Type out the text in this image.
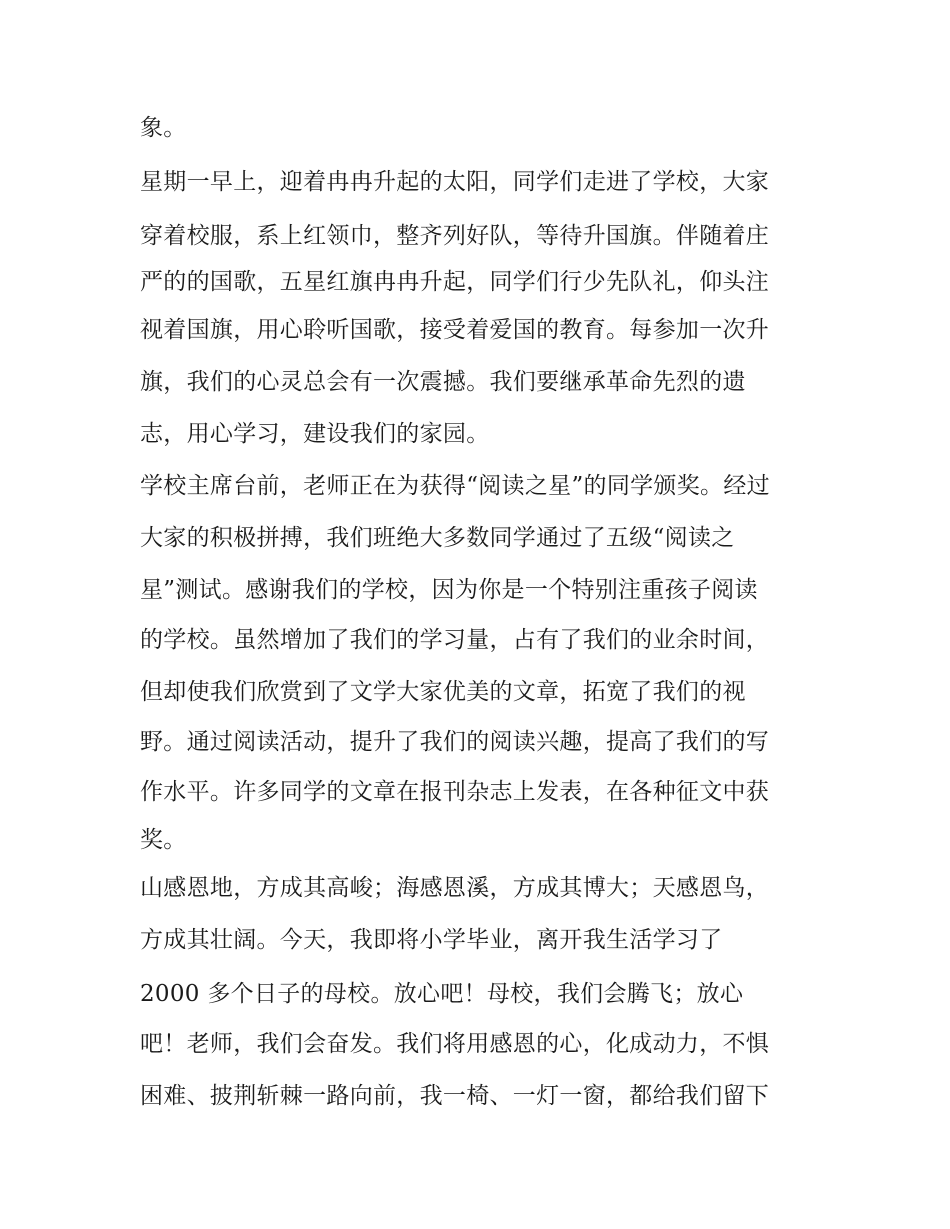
象。
星期一早上，迎着冉冉升起的太阳，同学们走进了学校，大家
穿着校服，系上红领巾，整齐列好队，等待升国旗。伴随着庄
严的的国歌，五星红旗冉冉升起，同学们行少先队礼，仰头注
视着国旗，用心聆听国歌，接受着爱国的教育。每参加一次升
旗，我们的心灵总会有一次震撼。我们要继承革命先烈的遗
志，用心学习，建设我们的家园。
学校主席台前，老师正在为获得“阅读之星”的同学颁奖。经过
大家的积极拼搏，我们班绝大多数同学通过了五级“阅读之
星”测试。感谢我们的学校，因为你是一个特别注重孩子阅读
的学校。虽然增加了我们的学习量，占有了我们的业余时间，
但却使我们欣赏到了文学大家优美的文章，拓宽了我们的视
野。通过阅读活动，提升了我们的阅读兴趣，提高了我们的写
作水平。许多同学的文章在报刊杂志上发表，在各种征文中获
奖。
山感恩地，方成其高峻；海感恩溪，方成其博大；天感恩鸟，
方成其壮阔。今天，我即将小学毕业，离开我生活学习了
2000 多个日子的母校。放心吧！母校，我们会腾飞；放心
吧！老师，我们会奋发。我们将用感恩的心，化成动力，不惧
困难、披荆斩棘一路向前，我一椅、一灯一窗，都给我们留下
